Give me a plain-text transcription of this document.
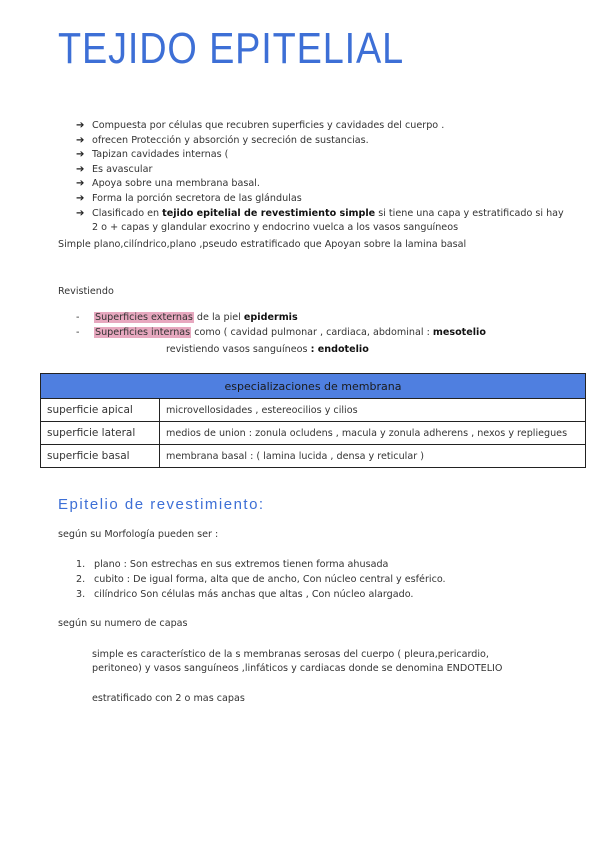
TEJIDO EPITELIAL
➔ Compuesta por células que recubren superficies y cavidades del cuerpo .
➔ ofrecen Protección y absorción y secreción de sustancias.
➔ Tapizan cavidades internas (
➔ Es avascular
➔ Apoya sobre una membrana basal.
➔ Forma la porción secretora de las glándulas
➔ Clasificado en tejido epitelial de revestimiento simple si tiene una capa y estratificado si hay
2 o + capas y glandular exocrino y endocrino vuelca a los vasos sanguíneos
Simple plano,cilíndrico,plano ,pseudo estratificado que Apoyan sobre la lamina basal
Revistiendo
-	Superficies externas de la piel epidermis
-	Superficies internas como ( cavidad pulmonar , cardiaca, abdominal : mesotelio
revistiendo vasos sanguíneos : endotelio
especializaciones de membrana	
superficie apical	microvellosidades , estereocilios y cilios
superficie lateral	medios de union : zonula ocludens , macula y zonula adherens , nexos y repliegues
superficie basal	membrana basal : ( lamina lucida , densa y reticular )
Epitelio de revestimiento:
según su Morfología pueden ser :
1. plano : Son estrechas en sus extremos tienen forma ahusada
2. cubito : De igual forma, alta que de ancho, Con núcleo central y esférico.
3. cilíndrico Son células más anchas que altas , Con núcleo alargado.
según su numero de capas
simple es característico de la s membranas serosas del cuerpo ( pleura,pericardio,
peritoneo) y vasos sanguíneos ,linfáticos y cardiacas donde se denomina ENDOTELIO
estratificado con 2 o mas capas
